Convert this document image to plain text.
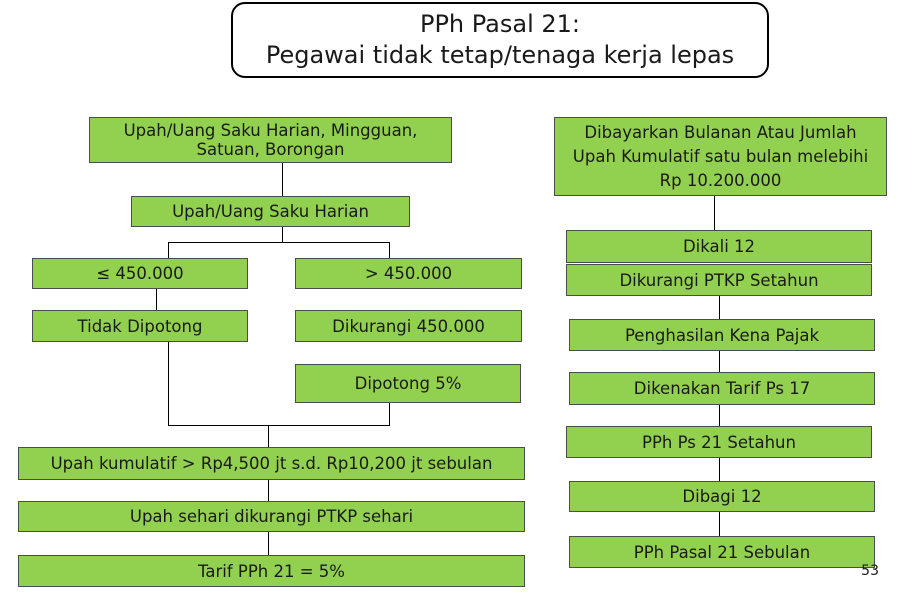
PPh Pasal 21:
Pegawai tidak tetap/tenaga kerja lepas
Upah/Uang Saku Harian, Mingguan,
Satuan, Borongan
Upah/Uang Saku Harian
≤ 450.000	> 450.000
Tidak Dipotong	Dikurangi 450.000
Dipotong 5%
Upah kumulatif > Rp4,500 jt s.d. Rp10,200 jt sebulan
Upah sehari dikurangi PTKP sehari
Tarif PPh 21 = 5%
Dibayarkan Bulanan Atau Jumlah
Upah Kumulatif satu bulan melebihi
Rp 10.200.000
Dikali 12
Dikurangi PTKP Setahun
Penghasilan Kena Pajak
Dikenakan Tarif Ps 17
PPh Ps 21 Setahun
Dibagi 12
PPh Pasal 21 Sebulan
53
